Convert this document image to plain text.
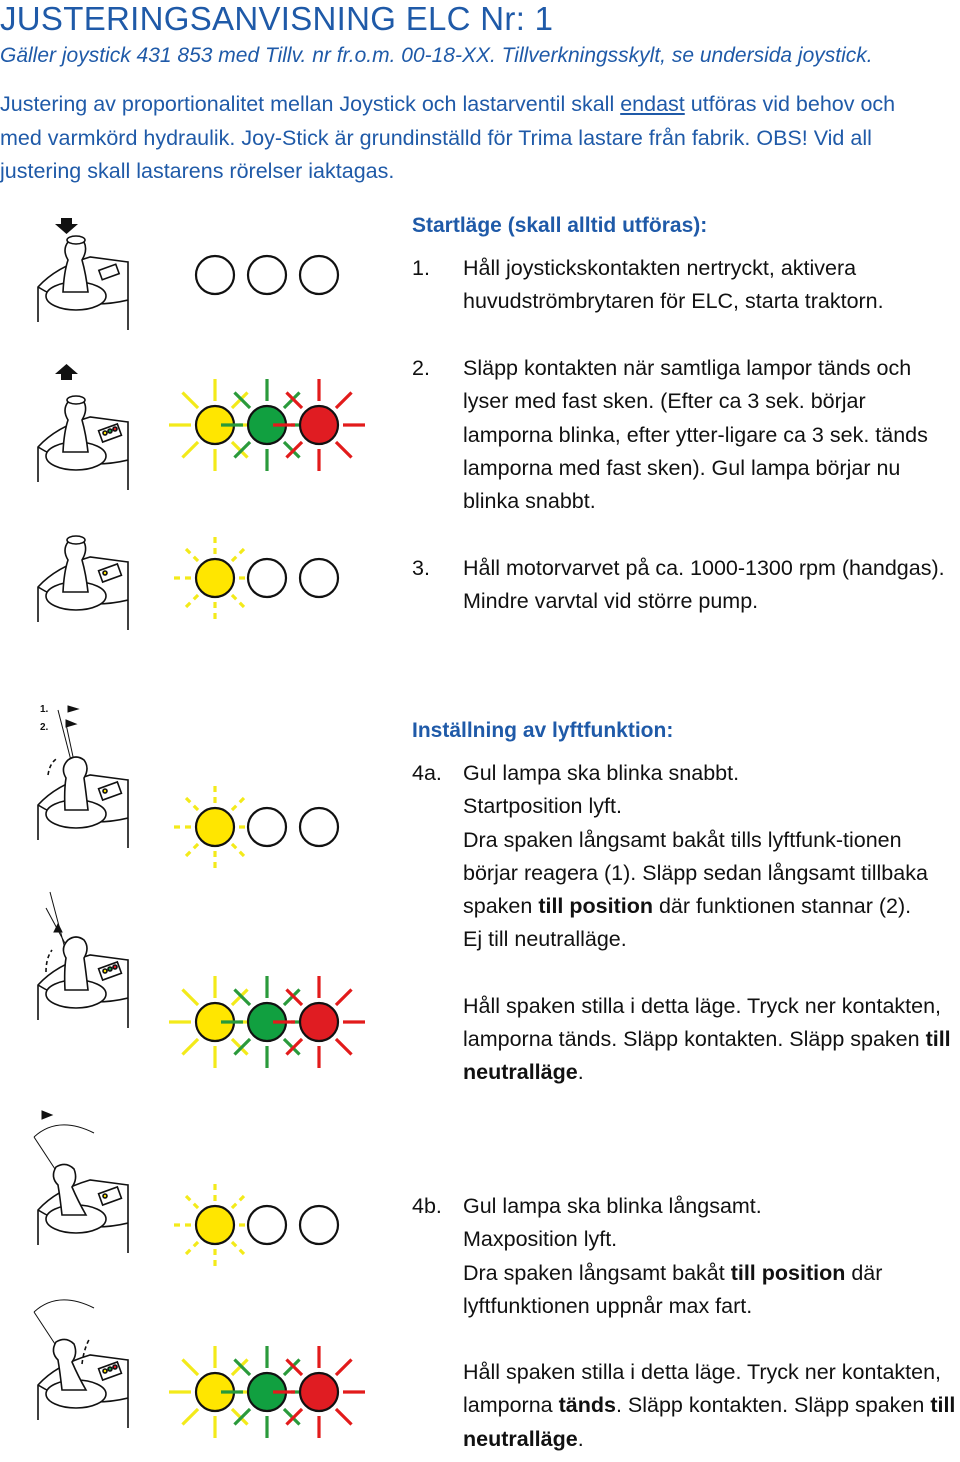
JUSTERINGSANVISNING ELC Nr: 1

Gäller joystick 431 853 med Tillv. nr fr.o.m. 00-18-XX. Tillverkningsskylt, se undersida joystick.

Justering av proportionalitet mellan Joystick och lastarventil skall endast utföras vid behov och med varmkörd hydraulik. Joy-Stick är grundinställd för Trima lastare från fabrik. OBS! Vid all justering skall lastarens rörelser iaktagas.

Startläge (skall alltid utföras):
1.	Håll joystickskontakten nertryckt, aktivera huvudströmbrytaren för ELC, starta traktorn.
2.	Släpp kontakten när samtliga lampor tänds och lyser med fast sken. (Efter ca 3 sek. börjar lamporna blinka, efter ytter-ligare ca 3 sek. tänds lamporna med fast sken). Gul lampa börjar nu blinka snabbt.
3.	Håll motorvarvet på ca. 1000-1300 rpm (handgas). Mindre varvtal vid större pump.
Inställning av lyftfunktion:
4a. Gul lampa ska blinka snabbt.

Startposition lyft.

Dra spaken långsamt bakåt tills lyftfunk-tionen börjar reagera (1). Släpp sedan långsamt tillbaka spaken till position där funktionen stannar (2).

Ej till neutralläge.

Håll spaken stilla i detta läge. Tryck ner kontakten, lamporna tänds. Släpp kontakten. Släpp spaken till neutralläge.

4b. Gul lampa ska blinka långsamt.

Maxposition lyft.

Dra spaken långsamt bakåt till position där lyftfunktionen uppnår max fart.

Håll spaken stilla i detta läge. Tryck ner kontakten, lamporna tänds. Släpp kontakten. Släpp spaken till neutralläge.

1.
2.
